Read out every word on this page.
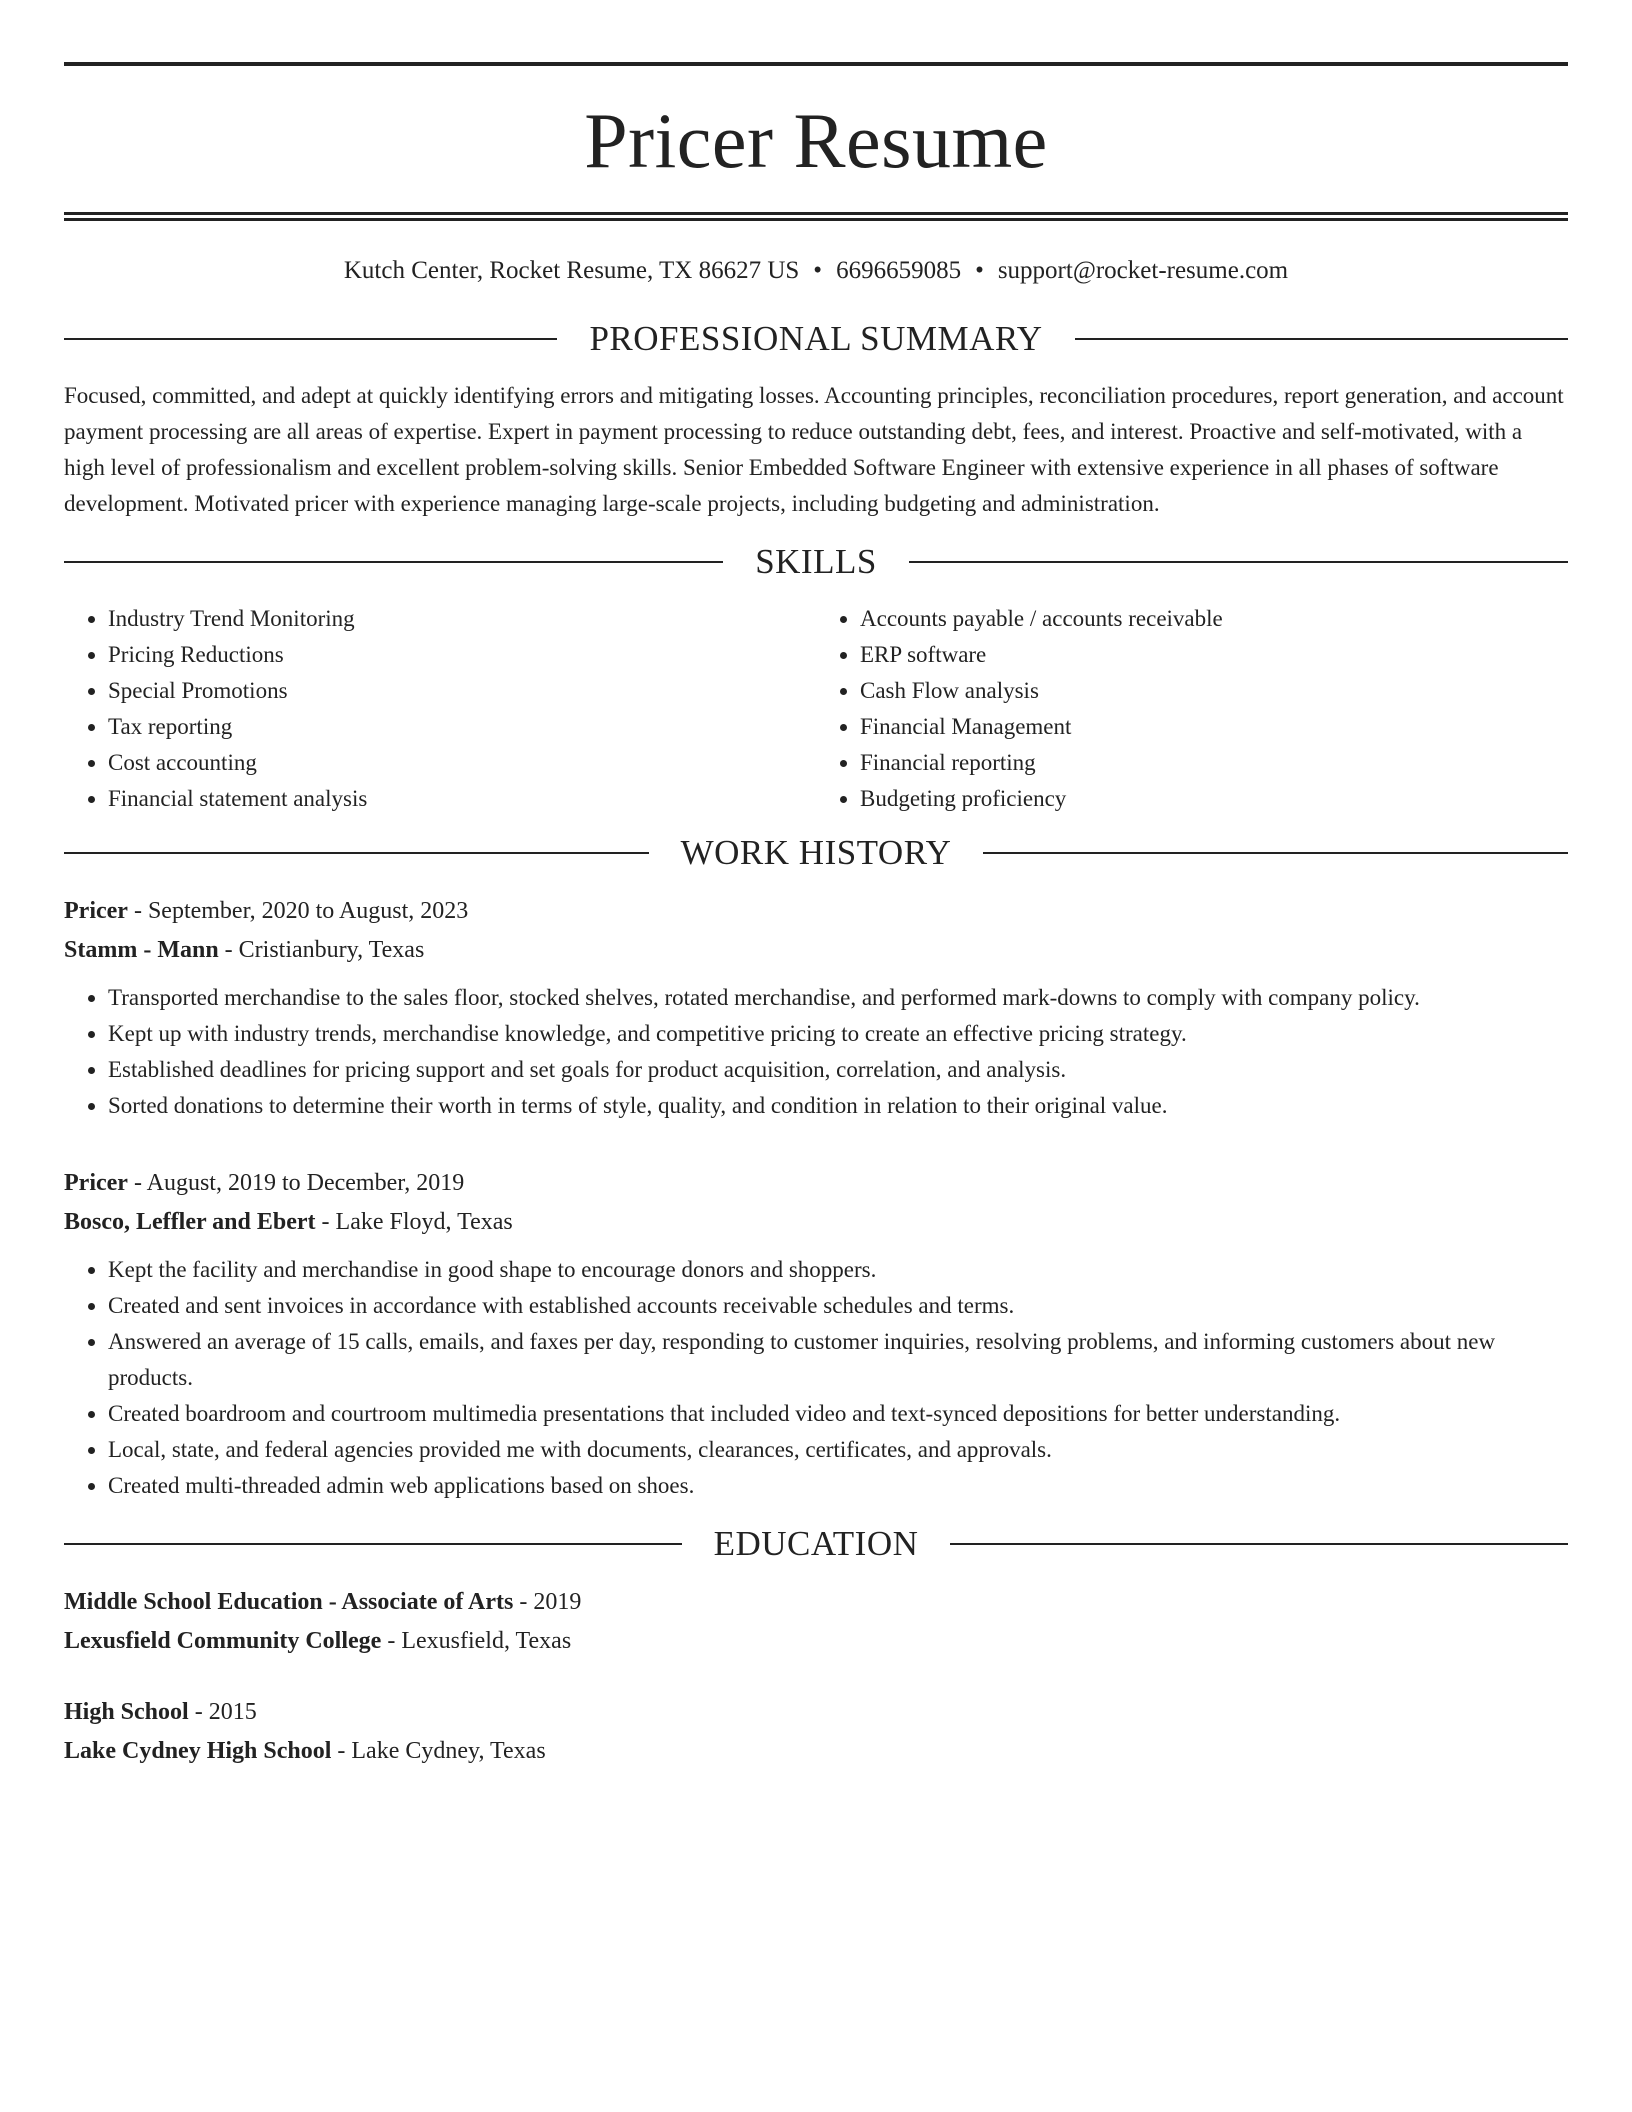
Pricer Resume
Kutch Center, Rocket Resume, TX 86627 US • 6696659085 • support@rocket-resume.com
PROFESSIONAL SUMMARY

Focused, committed, and adept at quickly identifying errors and mitigating losses. Accounting principles, reconciliation procedures, report generation, and account payment processing are all areas of expertise. Expert in payment processing to reduce outstanding debt, fees, and interest. Proactive and self-motivated, with a high level of professionalism and excellent problem-solving skills. Senior Embedded Software Engineer with extensive experience in all phases of software development. Motivated pricer with experience managing large-scale projects, including budgeting and administration.

SKILLS
• Industry Trend Monitoring
• Pricing Reductions
• Special Promotions
• Tax reporting
• Cost accounting
• Financial statement analysis
• Accounts payable / accounts receivable
• ERP software
• Cash Flow analysis
• Financial Management
• Financial reporting
• Budgeting proficiency
WORK HISTORY
Pricer - September, 2020 to August, 2023
Stamm - Mann - Cristianbury, Texas
• Transported merchandise to the sales floor, stocked shelves, rotated merchandise, and performed mark-downs to comply with company policy.
• Kept up with industry trends, merchandise knowledge, and competitive pricing to create an effective pricing strategy.
• Established deadlines for pricing support and set goals for product acquisition, correlation, and analysis.
• Sorted donations to determine their worth in terms of style, quality, and condition in relation to their original value.
Pricer - August, 2019 to December, 2019
Bosco, Leffler and Ebert - Lake Floyd, Texas
• Kept the facility and merchandise in good shape to encourage donors and shoppers.
• Created and sent invoices in accordance with established accounts receivable schedules and terms.
• Answered an average of 15 calls, emails, and faxes per day, responding to customer inquiries, resolving problems, and informing customers about new products.
• Created boardroom and courtroom multimedia presentations that included video and text-synced depositions for better understanding.
• Local, state, and federal agencies provided me with documents, clearances, certificates, and approvals.
• Created multi-threaded admin web applications based on shoes.
EDUCATION
Middle School Education - Associate of Arts - 2019
Lexusfield Community College - Lexusfield, Texas
High School - 2015
Lake Cydney High School - Lake Cydney, Texas
